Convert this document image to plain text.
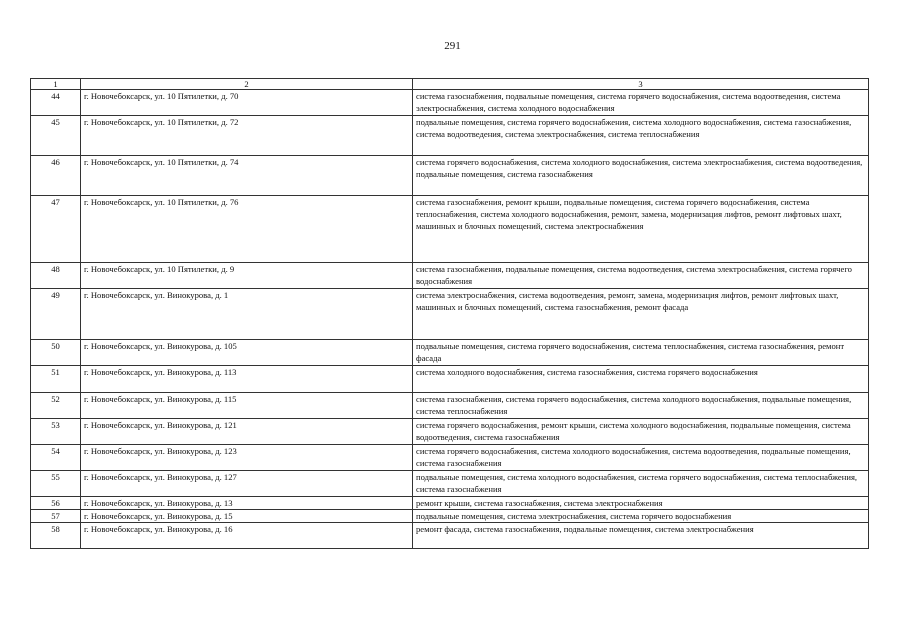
291
1	2	3
44	г. Новочебоксарск, ул. 10 Пятилетки, д. 70	система газоснабжения, подвальные помещения, система горячего водоснабжения, система водоотведения, система электроснабжения, система холодного водоснабжения
45	г. Новочебоксарск, ул. 10 Пятилетки, д. 72	подвальные помещения, система горячего водоснабжения, система холодного водоснабжения, система газоснабжения, система водоотведения, система электроснабжения, система теплоснабжения
46	г. Новочебоксарск, ул. 10 Пятилетки, д. 74	система горячего водоснабжения, система холодного водоснабжения, система электроснабжения, система водоотведения, подвальные помещения, система газоснабжения
47	г. Новочебоксарск, ул. 10 Пятилетки, д. 76	система газоснабжения, ремонт крыши, подвальные помещения, система горячего водоснабжения, система теплоснабжения, система холодного водоснабжения, ремонт, замена, модернизация лифтов, ремонт лифтовых шахт, машинных и блочных помещений, система электроснабжения
48	г. Новочебоксарск, ул. 10 Пятилетки, д. 9	система газоснабжения, подвальные помещения, система водоотведения, система электроснабжения, система горячего водоснабжения
49	г. Новочебоксарск, ул. Винокурова, д. 1	система электроснабжения, система водоотведения, ремонт, замена, модернизация лифтов, ремонт лифтовых шахт, машинных и блочных помещений, система газоснабжения, ремонт фасада
50	г. Новочебоксарск, ул. Винокурова, д. 105	подвальные помещения, система горячего водоснабжения, система теплоснабжения, система газоснабжения, ремонт фасада
51	г. Новочебоксарск, ул. Винокурова, д. 113	система холодного водоснабжения, система газоснабжения, система горячего водоснабжения
52	г. Новочебоксарск, ул. Винокурова, д. 115	система газоснабжения, система горячего водоснабжения, система холодного водоснабжения, подвальные помещения, система теплоснабжения
53	г. Новочебоксарск, ул. Винокурова, д. 121	система горячего водоснабжения, ремонт крыши, система холодного водоснабжения, подвальные помещения, система водоотведения, система газоснабжения
54	г. Новочебоксарск, ул. Винокурова, д. 123	система горячего водоснабжения, система холодного водоснабжения, система водоотведения, подвальные помещения, система газоснабжения
55	г. Новочебоксарск, ул. Винокурова, д. 127	подвальные помещения, система холодного водоснабжения, система горячего водоснабжения, система теплоснабжения, система газоснабжения
56	г. Новочебоксарск, ул. Винокурова, д. 13	ремонт крыши, система газоснабжения, система электроснабжения
57	г. Новочебоксарск, ул. Винокурова, д. 15	подвальные помещения, система электроснабжения, система горячего водоснабжения
58	г. Новочебоксарск, ул. Винокурова, д. 16	ремонт фасада, система газоснабжения, подвальные помещения, система электроснабжения
